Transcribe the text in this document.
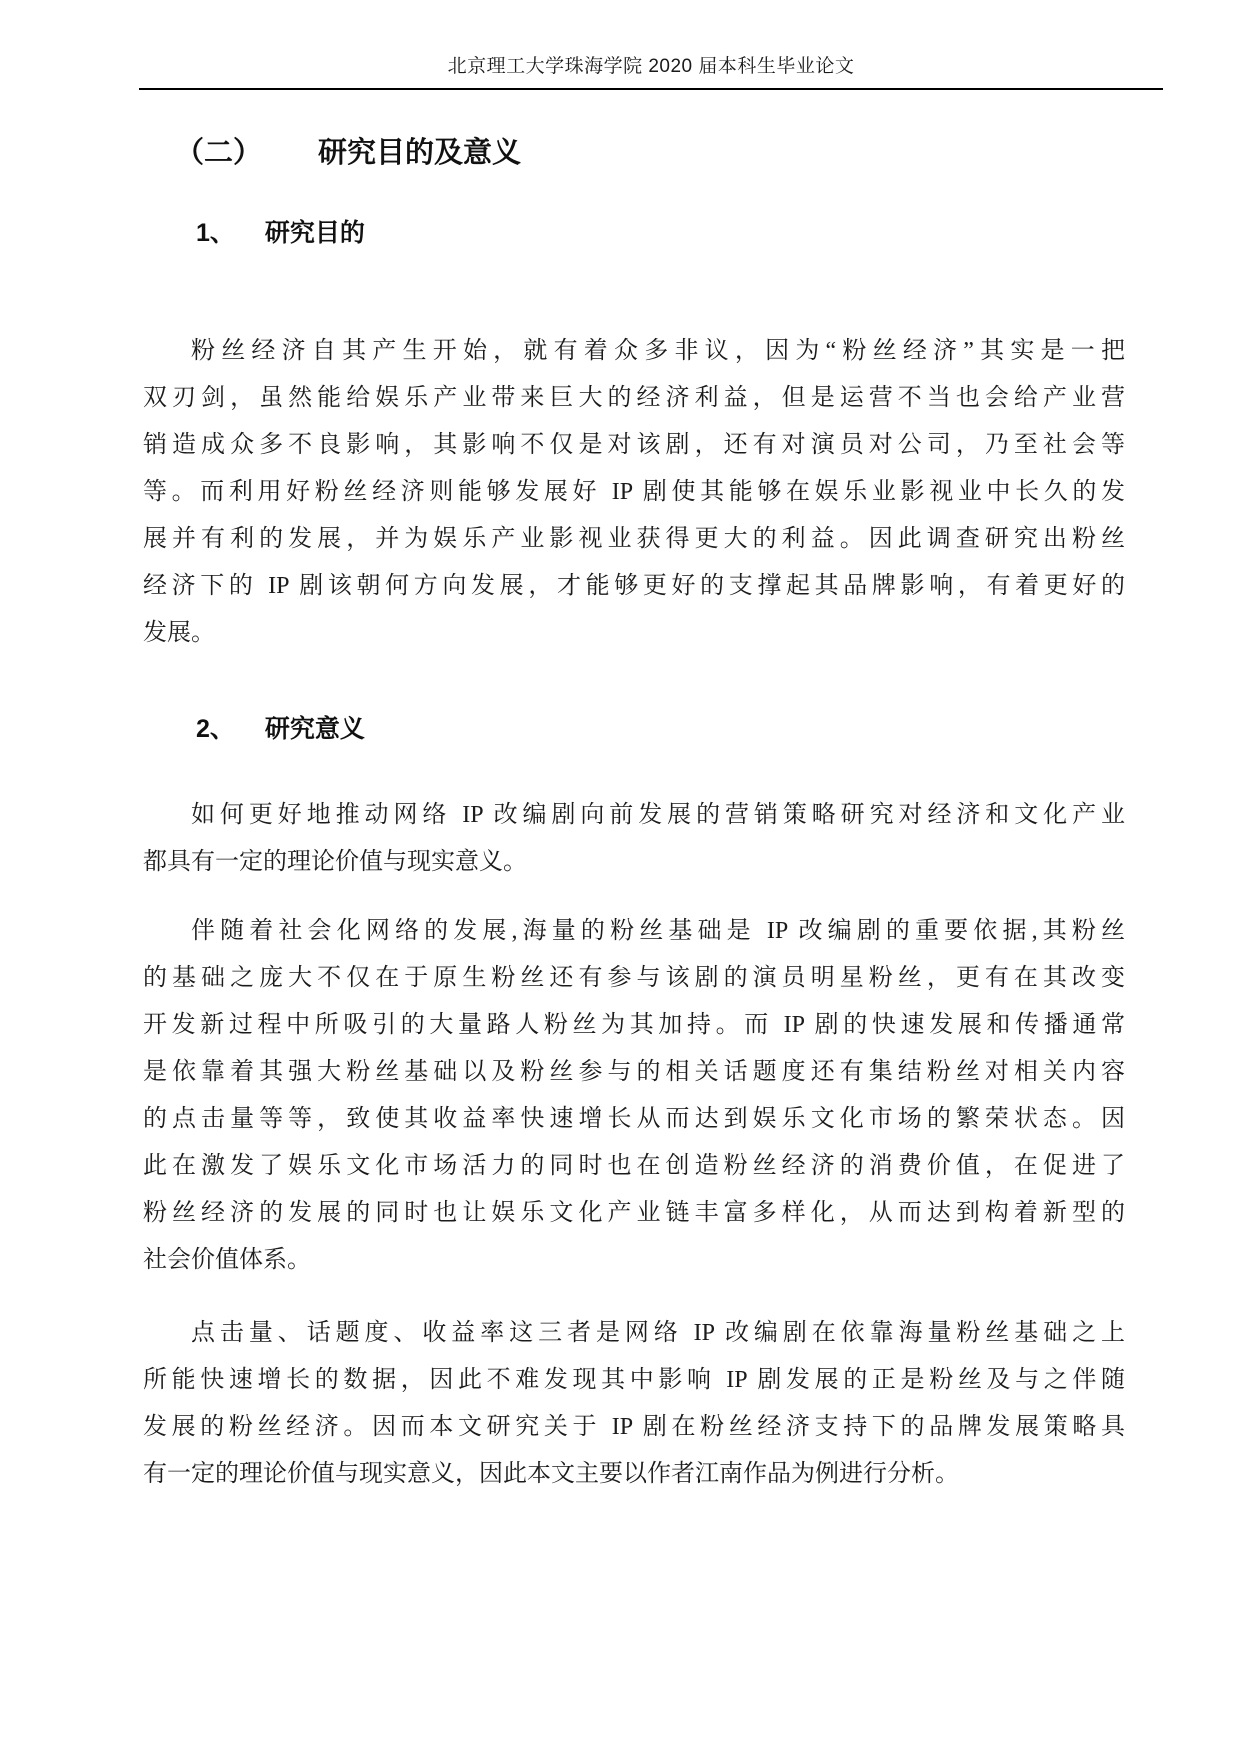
北京理工大学珠海学院 2020 届本科生毕业论文
（二） 研究目的及意义
1、 研究目的
粉丝经济自其产生开始，就有着众多非议，因为“粉丝经济”其实是一把
双刃剑，虽然能给娱乐产业带来巨大的经济利益，但是运营不当也会给产业营
销造成众多不良影响，其影响不仅是对该剧，还有对演员对公司，乃至社会等
等。而利用好粉丝经济则能够发展好 IP 剧使其能够在娱乐业影视业中长久的发
展并有利的发展，并为娱乐产业影视业获得更大的利益。因此调查研究出粉丝
经济下的 IP 剧该朝何方向发展，才能够更好的支撑起其品牌影响，有着更好的
发展。
2、 研究意义
如何更好地推动网络 IP 改编剧向前发展的营销策略研究对经济和文化产业
都具有一定的理论价值与现实意义。
伴随着社会化网络的发展,海量的粉丝基础是 IP 改编剧的重要依据,其粉丝
的基础之庞大不仅在于原生粉丝还有参与该剧的演员明星粉丝，更有在其改变
开发新过程中所吸引的大量路人粉丝为其加持。而 IP 剧的快速发展和传播通常
是依靠着其强大粉丝基础以及粉丝参与的相关话题度还有集结粉丝对相关内容
的点击量等等，致使其收益率快速增长从而达到娱乐文化市场的繁荣状态。因
此在激发了娱乐文化市场活力的同时也在创造粉丝经济的消费价值，在促进了
粉丝经济的发展的同时也让娱乐文化产业链丰富多样化，从而达到构着新型的
社会价值体系。
点击量、话题度、收益率这三者是网络 IP 改编剧在依靠海量粉丝基础之上
所能快速增长的数据，因此不难发现其中影响 IP 剧发展的正是粉丝及与之伴随
发展的粉丝经济。因而本文研究关于 IP 剧在粉丝经济支持下的品牌发展策略具
有一定的理论价值与现实意义，因此本文主要以作者江南作品为例进行分析。
